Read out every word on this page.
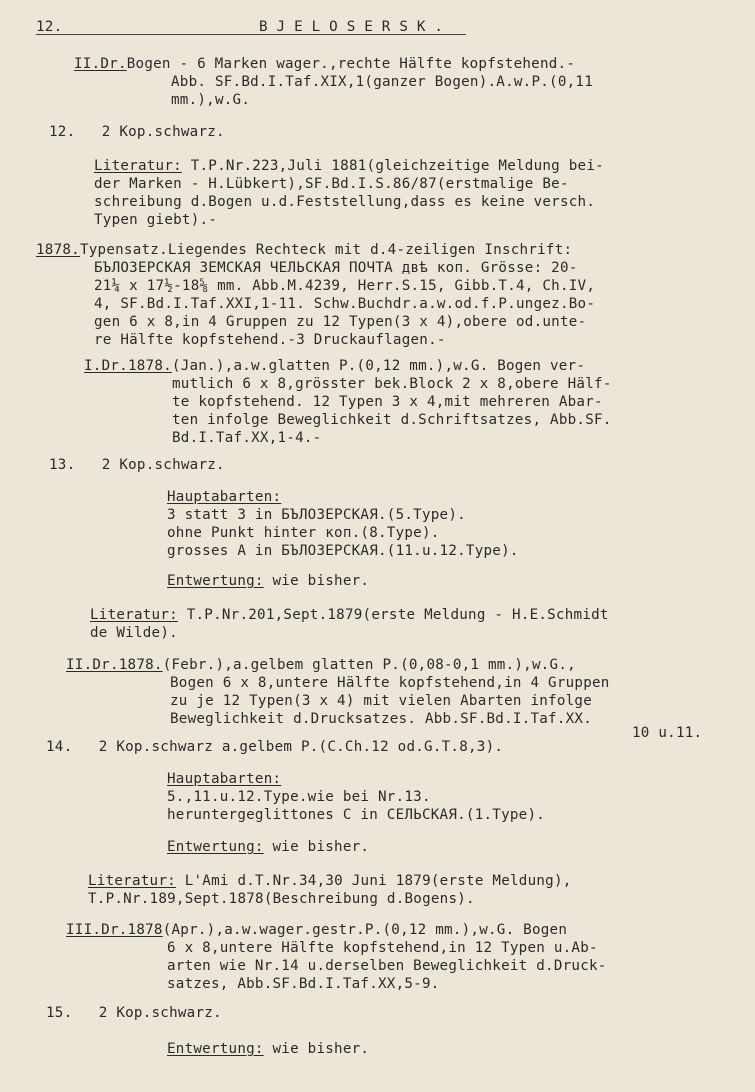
12.	BJELOSERSK.
II.Dr.Bogen - 6 Marken wager.,rechte Hälfte kopfstehend.-
Abb. SF.Bd.I.Taf.XIX,1(ganzer Bogen).A.w.P.(0,11
mm.),w.G.
12.   2 Kop.schwarz.
Literatur: T.P.Nr.223,Juli 1881(gleichzeitige Meldung bei-
der Marken - H.Lübkert),SF.Bd.I.S.86/87(erstmalige Be-
schreibung d.Bogen u.d.Feststellung,dass es keine versch.
Typen giebt).-
1878.Typensatz.Liegendes Rechteck mit d.4-zeiligen Inschrift:
БЪЛОЗЕРСКАЯ ЗЕМСКАЯ ЧЕЛЬСКАЯ ПОЧТА двѣ коп. Grösse: 20-
21¼ x 17½-18⅝ mm. Abb.M.4239, Herr.S.15, Gibb.T.4, Ch.IV,
4, SF.Bd.I.Taf.XXI,1-11. Schw.Buchdr.a.w.od.f.P.ungez.Bo-
gen 6 x 8,in 4 Gruppen zu 12 Typen(3 x 4),obere od.unte-
re Hälfte kopfstehend.-3 Druckauflagen.-
I.Dr.1878.(Jan.),a.w.glatten P.(0,12 mm.),w.G. Bogen ver-
mutlich 6 x 8,grösster bek.Block 2 x 8,obere Hälf-
te kopfstehend. 12 Typen 3 x 4,mit mehreren Abar-
ten infolge Beweglichkeit d.Schriftsatzes, Abb.SF.
Bd.I.Taf.XX,1-4.-
13.   2 Kop.schwarz.
Hauptabarten:
3 statt 3 in БЪЛОЗЕРСКАЯ.(5.Type).
ohne Punkt hinter коп.(8.Type).
grosses A in БЪЛОЗЕРСКАЯ.(11.u.12.Type).
Entwertung: wie bisher.
Literatur: T.P.Nr.201,Sept.1879(erste Meldung - H.E.Schmidt
de Wilde).
II.Dr.1878.(Febr.),a.gelbem glatten P.(0,08-0,1 mm.),w.G.,
Bogen 6 x 8,untere Hälfte kopfstehend,in 4 Gruppen
zu je 12 Typen(3 x 4) mit vielen Abarten infolge
Beweglichkeit d.Drucksatzes. Abb.SF.Bd.I.Taf.XX.
10 u.11.
14.   2 Kop.schwarz a.gelbem P.(C.Ch.12 od.G.T.8,3).
Hauptabarten:
5.,11.u.12.Type.wie bei Nr.13.
heruntergeglittones C in СЕЛЬСКАЯ.(1.Type).
Entwertung: wie bisher.
Literatur: L'Ami d.T.Nr.34,30 Juni 1879(erste Meldung),
T.P.Nr.189,Sept.1878(Beschreibung d.Bogens).
III.Dr.1878(Apr.),a.w.wager.gestr.P.(0,12 mm.),w.G. Bogen
6 x 8,untere Hälfte kopfstehend,in 12 Typen u.Ab-
arten wie Nr.14 u.derselben Beweglichkeit d.Druck-
satzes, Abb.SF.Bd.I.Taf.XX,5-9.
15.   2 Kop.schwarz.
Entwertung: wie bisher.
